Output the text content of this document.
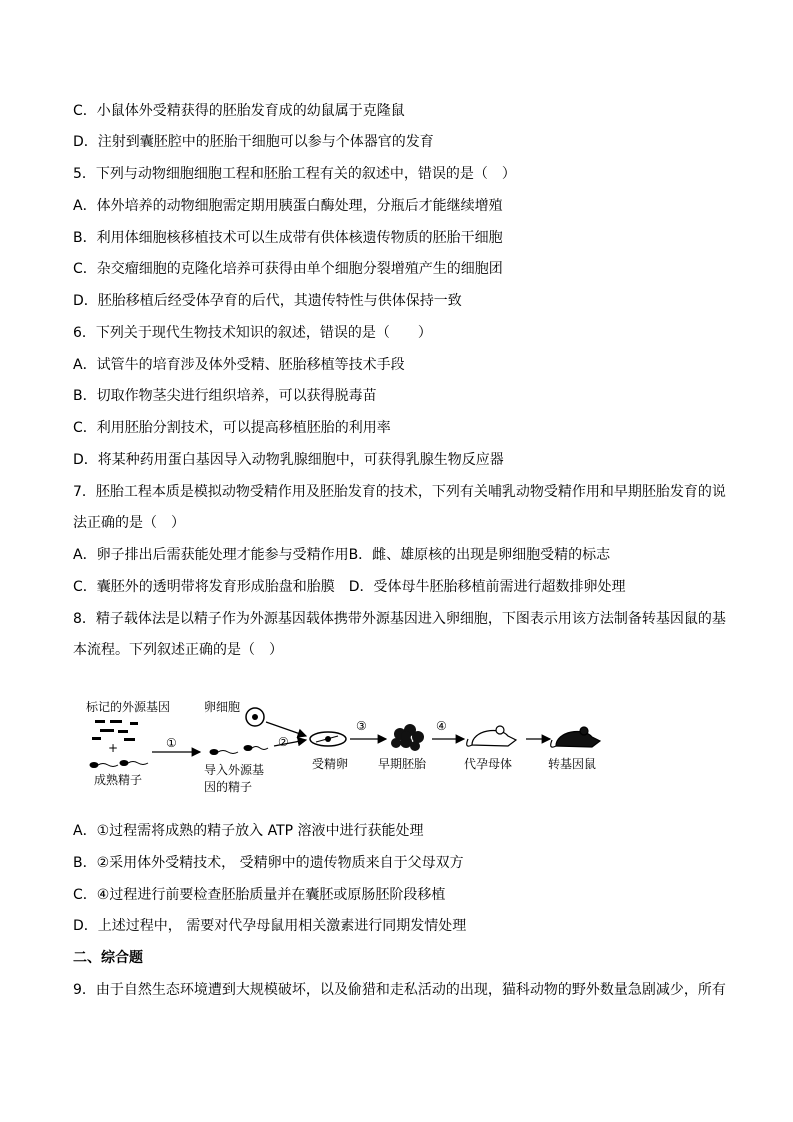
C．小鼠体外受精获得的胚胎发育成的幼鼠属于克隆鼠
D．注射到囊胚腔中的胚胎干细胞可以参与个体器官的发育
5．下列与动物细胞细胞工程和胚胎工程有关的叙述中，错误的是（　）
A．体外培养的动物细胞需定期用胰蛋白酶处理，分瓶后才能继续增殖
B．利用体细胞核移植技术可以生成带有供体核遗传物质的胚胎干细胞
C．杂交瘤细胞的克隆化培养可获得由单个细胞分裂增殖产生的细胞团
D．胚胎移植后经受体孕育的后代，其遗传特性与供体保持一致
6．下列关于现代生物技术知识的叙述，错误的是（　　）
A．试管牛的培育涉及体外受精、胚胎移植等技术手段
B．切取作物茎尖进行组织培养，可以获得脱毒苗
C．利用胚胎分割技术，可以提高移植胚胎的利用率
D．将某种药用蛋白基因导入动物乳腺细胞中，可获得乳腺生物反应器
7．胚胎工程本质是模拟动物受精作用及胚胎发育的技术，下列有关哺乳动物受精作用和早期胚胎发育的说
法正确的是（　）
A．卵子排出后需获能处理才能参与受精作用B．雌、雄原核的出现是卵细胞受精的标志
C．囊胚外的透明带将发育形成胎盘和胎膜　D．受体母牛胚胎移植前需进行超数排卵处理
8．精子载体法是以精子作为外源基因载体携带外源基因进入卵细胞，下图表示用该方法制备转基因鼠的基
本流程。下列叙述正确的是（　）
标记的外源基因
+
成熟精子
①
卵细胞
导入外源基
因的精子
②
受精卵
③
早期胚胎
④
代孕母体	转基因鼠
A．①过程需将成熟的精子放入 ATP 溶液中进行获能处理
B．②采用体外受精技术， 受精卵中的遗传物质来自于父母双方
C．④过程进行前要检查胚胎质量并在囊胚或原肠胚阶段移植
D．上述过程中， 需要对代孕母鼠用相关激素进行同期发情处理
二、综合题
9．由于自然生态环境遭到大规模破坏，以及偷猎和走私活动的出现，猫科动物的野外数量急剧减少，所有
